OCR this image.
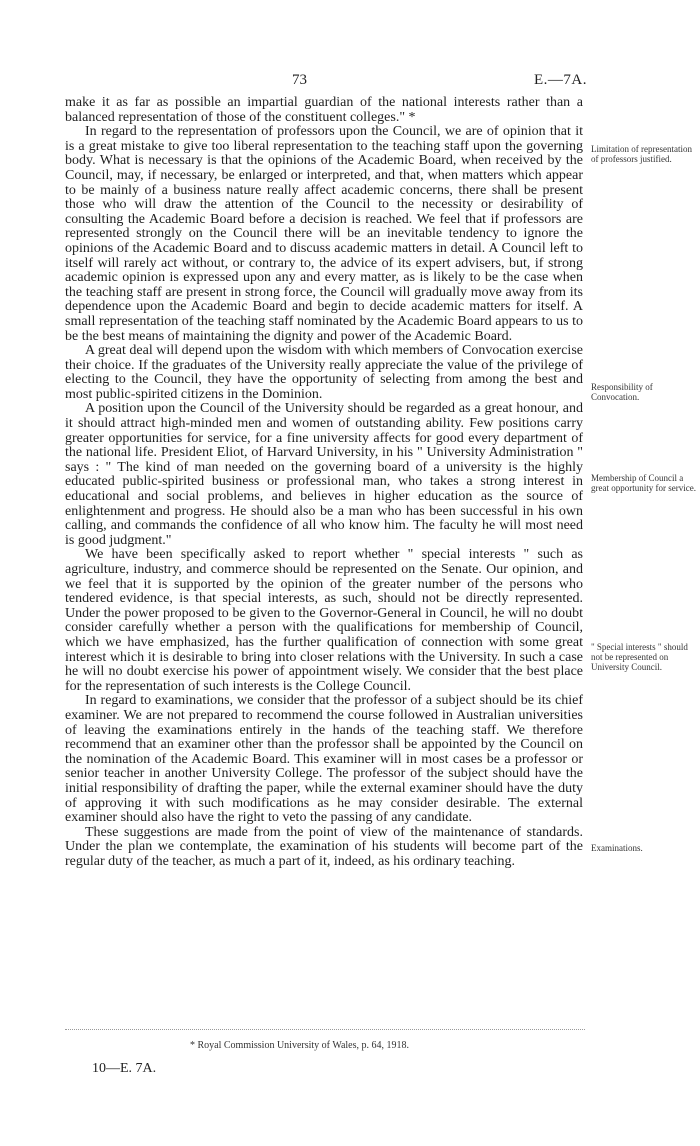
73	E.—7A.

make it as far as possible an impartial guardian of the national interests rather than a balanced representation of those of the constituent colleges." *

In regard to the representation of professors upon the Council, we are of opinion that it is a great mistake to give too liberal representation to the teaching staff upon the governing body. What is necessary is that the opinions of the Academic Board, when received by the Council, may, if necessary, be enlarged or interpreted, and that, when matters which appear to be mainly of a business nature really affect academic concerns, there shall be present those who will draw the attention of the Council to the necessity or desirability of consulting the Academic Board before a decision is reached. We feel that if professors are represented strongly on the Council there will be an inevitable tendency to ignore the opinions of the Academic Board and to discuss academic matters in detail. A Council left to itself will rarely act without, or contrary to, the advice of its expert advisers, but, if strong academic opinion is expressed upon any and every matter, as is likely to be the case when the teaching staff are present in strong force, the Council will gradually move away from its dependence upon the Academic Board and begin to decide academic matters for itself. A small representation of the teaching staff nominated by the Academic Board appears to us to be the best means of maintaining the dignity and power of the Academic Board.

A great deal will depend upon the wisdom with which members of Convocation exercise their choice. If the graduates of the University really appreciate the value of the privilege of electing to the Council, they have the opportunity of selecting from among the best and most public-spirited citizens in the Dominion.

A position upon the Council of the University should be regarded as a great honour, and it should attract high-minded men and women of outstanding ability. Few positions carry greater opportunities for service, for a fine university affects for good every department of the national life. President Eliot, of Harvard University, in his " University Administration " says : " The kind of man needed on the governing board of a university is the highly educated public-spirited business or professional man, who takes a strong interest in educational and social problems, and believes in higher education as the source of enlightenment and progress. He should also be a man who has been successful in his own calling, and commands the confidence of all who know him. The faculty he will most need is good judgment."

We have been specifically asked to report whether " special interests " such as agriculture, industry, and commerce should be represented on the Senate. Our opinion, and we feel that it is supported by the opinion of the greater number of the persons who tendered evidence, is that special interests, as such, should not be directly represented. Under the power proposed to be given to the Governor-General in Council, he will no doubt consider carefully whether a person with the qualifications for membership of Council, which we have emphasized, has the further qualification of connection with some great interest which it is desirable to bring into closer relations with the University. In such a case he will no doubt exercise his power of appointment wisely. We consider that the best place for the representation of such interests is the College Council.

In regard to examinations, we consider that the professor of a subject should be its chief examiner. We are not prepared to recommend the course followed in Australian universities of leaving the examinations entirely in the hands of the teaching staff. We therefore recommend that an examiner other than the professor shall be appointed by the Council on the nomination of the Academic Board. This examiner will in most cases be a professor or senior teacher in another University College. The professor of the subject should have the initial responsibility of drafting the paper, while the external examiner should have the duty of approving it with such modifications as he may consider desirable. The external examiner should also have the right to veto the passing of any candidate.

These suggestions are made from the point of view of the maintenance of standards. Under the plan we contemplate, the examination of his students will become part of the regular duty of the teacher, as much a part of it, indeed, as his ordinary teaching.

Limitation of representation of professors justified.
Responsibility of Convocation.
Membership of Council a great opportunity for service.
" Special interests " should not be represented on University Council.
Examinations.
* Royal Commission University of Wales, p. 64, 1918.
10—E. 7A.
